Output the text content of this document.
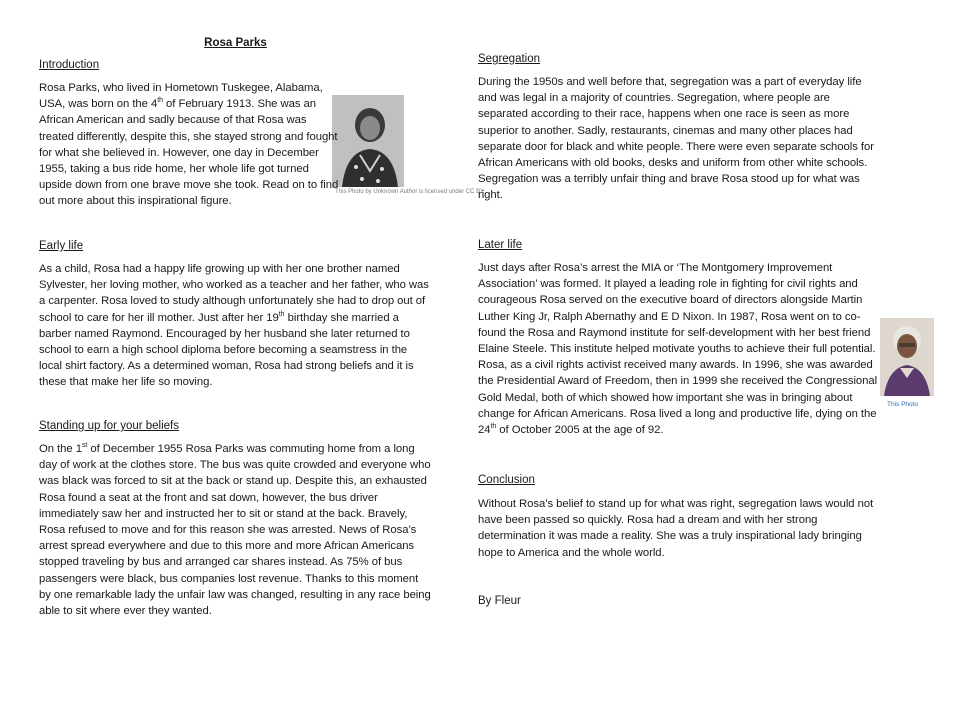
Rosa Parks
Introduction
This Photo by Unknown Author is licensed under CC BY

Rosa Parks, who lived in Hometown Tuskegee, Alabama, USA, was born on the 4th of February 1913. She was an African American and sadly because of that Rosa was treated differently, despite this, she stayed strong and fought for what she believed in. However, one day in December 1955, taking a bus ride home, her whole life got turned upside down from one brave move she took. Read on to find out more about this inspirational figure.

Early life

As a child, Rosa had a happy life growing up with her one brother named Sylvester, her loving mother, who worked as a teacher and her father, who was a carpenter. Rosa loved to study although unfortunately she had to drop out of school to care for her ill mother. Just after her 19th birthday she married a barber named Raymond. Encouraged by her husband she later returned to school to earn a high school diploma before becoming a seamstress in the local shirt factory. As a determined woman, Rosa had strong beliefs and it is these that make her life so moving.

Standing up for your beliefs

On the 1st of December 1955 Rosa Parks was commuting home from a long day of work at the clothes store. The bus was quite crowded and everyone who was black was forced to sit at the back or stand up. Despite this, an exhausted Rosa found a seat at the front and sat down, however, the bus driver immediately saw her and instructed her to sit or stand at the back. Bravely, Rosa refused to move and for this reason she was arrested. News of Rosa’s arrest spread everywhere and due to this more and more African Americans stopped traveling by bus and arranged car shares instead. As 75% of bus passengers were black, bus companies lost revenue. Thanks to this moment by one remarkable lady the unfair law was changed, resulting in any race being able to sit where ever they wanted.

Segregation

During the 1950s and well before that, segregation was a part of everyday life and was legal in a majority of countries. Segregation, where people are separated according to their race, happens when one race is seen as more superior to another. Sadly, restaurants, cinemas and many other places had separate door for black and white people. There were even separate schools for African Americans with old books, desks and uniform from other white schools. Segregation was a terribly unfair thing and brave Rosa stood up for what was right.

Later life
This Photo

Just days after Rosa’s arrest the MIA or ‘The Montgomery Improvement Association’ was formed. It played a leading role in fighting for civil rights and courageous Rosa served on the executive board of directors alongside Martin Luther King Jr, Ralph Abernathy and E D Nixon. In 1987, Rosa went on to co-found the Rosa and Raymond institute for self-development with her best friend Elaine Steele. This institute helped motivate youths to achieve their full potential. Rosa, as a civil rights activist received many awards. In 1996, she was awarded the Presidential Award of Freedom, then in 1999 she received the Congressional Gold Medal, both of which showed how important she was in bringing about change for African Americans. Rosa lived a long and productive life, dying on the 24th of October 2005 at the age of 92.

Conclusion

Without Rosa’s belief to stand up for what was right, segregation laws would not have been passed so quickly. Rosa had a dream and with her strong determination it was made a reality. She was a truly inspirational lady bringing hope to America and the whole world.

By Fleur
